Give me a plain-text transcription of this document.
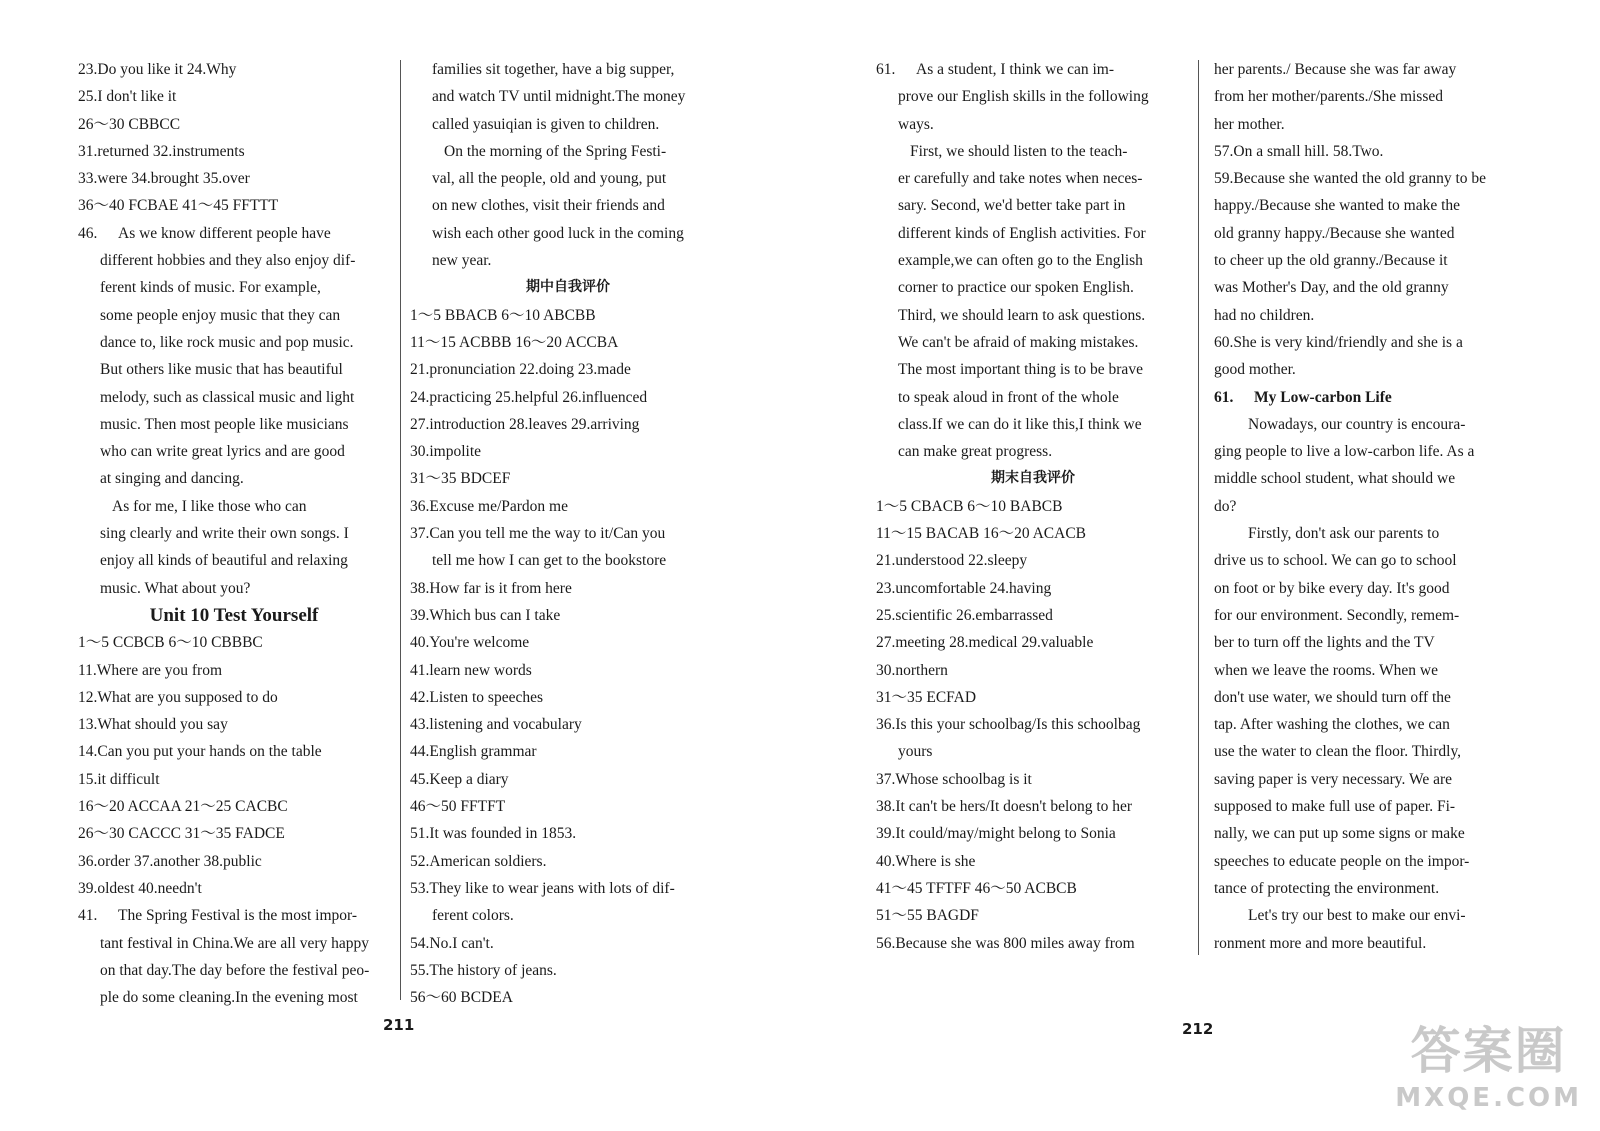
23.Do you like it 24.Why
25.I don't like it
26～30 CBBCC
31.returned 32.instruments
33.were 34.brought 35.over
36～40 FCBAE 41～45 FFTTT
46. As we know different people have
different hobbies and they also enjoy dif-
ferent kinds of music. For example,
some people enjoy music that they can
dance to, like rock music and pop music.
But others like music that has beautiful
melody, such as classical music and light
music. Then most people like musicians
who can write great lyrics and are good
at singing and dancing.
As for me, I like those who can
sing clearly and write their own songs. I
enjoy all kinds of beautiful and relaxing
music. What about you?
Unit 10 Test Yourself
1～5 CCBCB 6～10 CBBBC
11.Where are you from
12.What are you supposed to do
13.What should you say
14.Can you put your hands on the table
15.it difficult
16～20 ACCAA 21～25 CACBC
26～30 CACCC 31～35 FADCE
36.order 37.another 38.public
39.oldest 40.needn't
41. The Spring Festival is the most impor-
tant festival in China.We are all very happy
on that day.The day before the festival peo-
ple do some cleaning.In the evening most
families sit together, have a big supper,
and watch TV until midnight.The money
called yasuiqian is given to children.
On the morning of the Spring Festi-
val, all the people, old and young, put
on new clothes, visit their friends and
wish each other good luck in the coming
new year.
期中自我评价
1～5 BBACB 6～10 ABCBB
11～15 ACBBB 16～20 ACCBA
21.pronunciation 22.doing 23.made
24.practicing 25.helpful 26.influenced
27.introduction 28.leaves 29.arriving
30.impolite
31～35 BDCEF
36.Excuse me/Pardon me
37.Can you tell me the way to it/Can you
tell me how I can get to the bookstore
38.How far is it from here
39.Which bus can I take
40.You're welcome
41.learn new words
42.Listen to speeches
43.listening and vocabulary
44.English grammar
45.Keep a diary
46～50 FFTFT
51.It was founded in 1853.
52.American soldiers.
53.They like to wear jeans with lots of dif-
ferent colors.
54.No.I can't.
55.The history of jeans.
56～60 BCDEA
211
61. As a student, I think we can im-
prove our English skills in the following
ways.
First, we should listen to the teach-
er carefully and take notes when neces-
sary. Second, we'd better take part in
different kinds of English activities. For
example,we can often go to the English
corner to practice our spoken English.
Third, we should learn to ask questions.
We can't be afraid of making mistakes.
The most important thing is to be brave
to speak aloud in front of the whole
class.If we can do it like this,I think we
can make great progress.
期末自我评价
1～5 CBACB 6～10 BABCB
11～15 BACAB 16～20 ACACB
21.understood 22.sleepy
23.uncomfortable 24.having
25.scientific 26.embarrassed
27.meeting 28.medical 29.valuable
30.northern
31～35 ECFAD
36.Is this your schoolbag/Is this schoolbag
yours
37.Whose schoolbag is it
38.It can't be hers/It doesn't belong to her
39.It could/may/might belong to Sonia
40.Where is she
41～45 TFTFF 46～50 ACBCB
51～55 BAGDF
56.Because she was 800 miles away from
her parents./ Because she was far away
from her mother/parents./She missed
her mother.
57.On a small hill. 58.Two.
59.Because she wanted the old granny to be
happy./Because she wanted to make the
old granny happy./Because she wanted
to cheer up the old granny./Because it
was Mother's Day, and the old granny
had no children.
60.She is very kind/friendly and she is a
good mother.
61. My Low-carbon Life
Nowadays, our country is encoura-
ging people to live a low-carbon life. As a
middle school student, what should we
do?
Firstly, don't ask our parents to
drive us to school. We can go to school
on foot or by bike every day. It's good
for our environment. Secondly, remem-
ber to turn off the lights and the TV
when we leave the rooms. When we
don't use water, we should turn off the
tap. After washing the clothes, we can
use the water to clean the floor. Thirdly,
saving paper is very necessary. We are
supposed to make full use of paper. Fi-
nally, we can put up some signs or make
speeches to educate people on the impor-
tance of protecting the environment.
Let's try our best to make our envi-
ronment more and more beautiful.
212	答案圈
MXQE.COM
